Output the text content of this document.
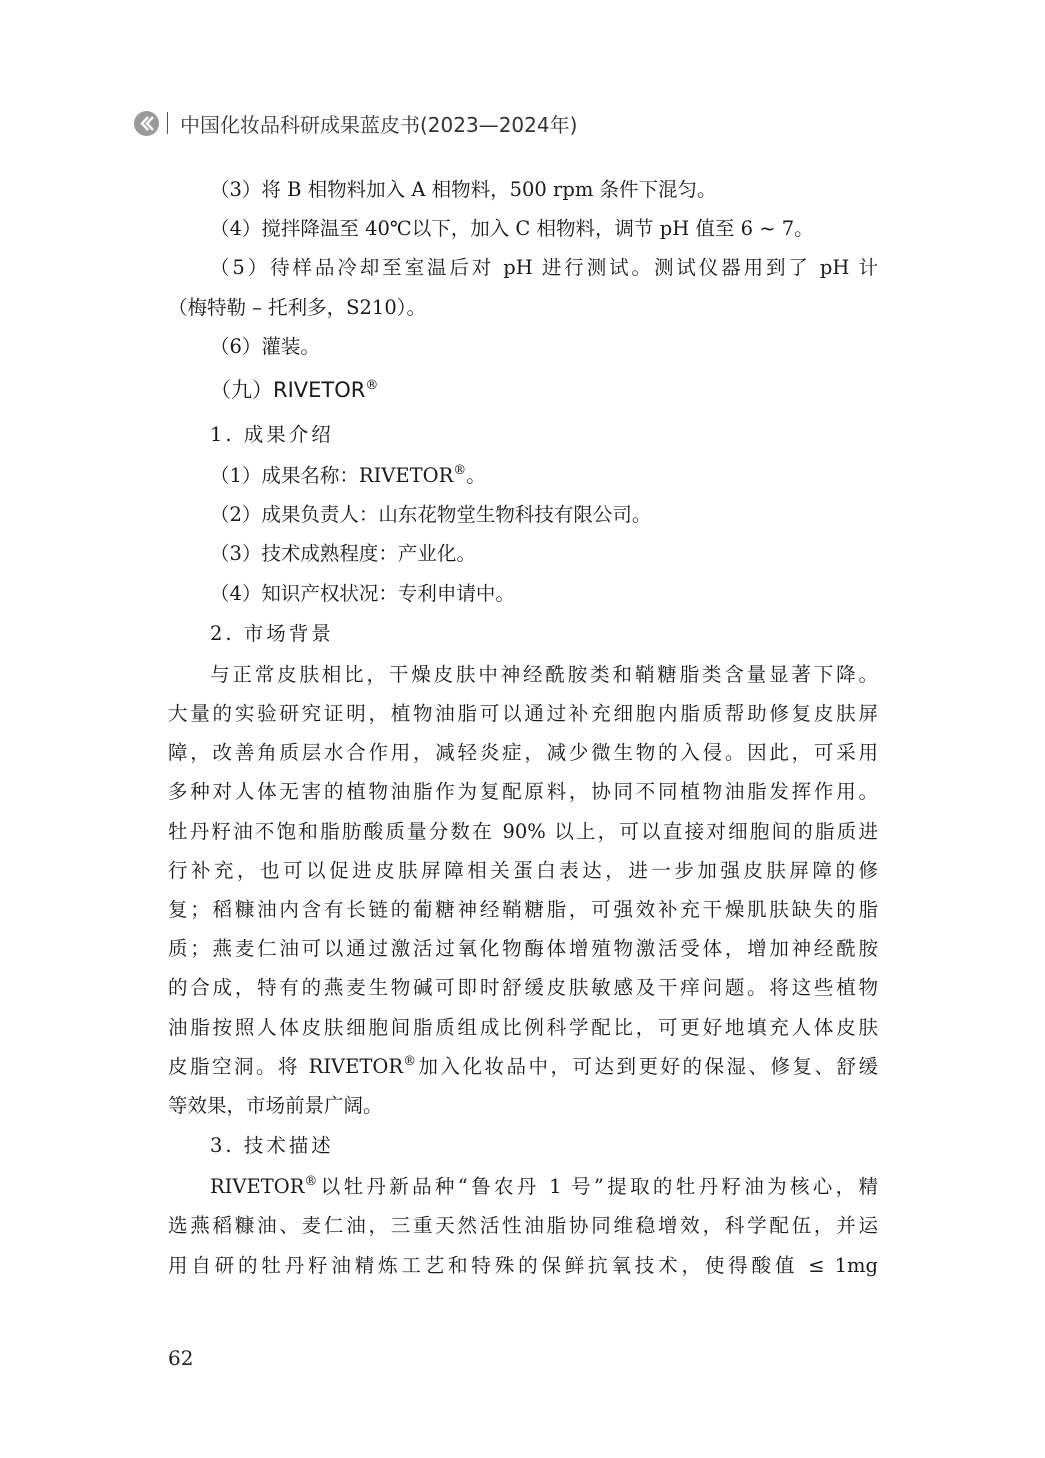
中国化妆品科研成果蓝皮书(2023—2024年)
（3）将 B 相物料加入 A 相物料，500 rpm 条件下混匀。
（4）搅拌降温至 40℃以下，加入 C 相物料，调节 pH 值至 6 ~ 7。
（5）待样品冷却至室温后对 pH 进行测试。测试仪器用到了 pH 计
（梅特勒 – 托利多，S210）。
（6）灌装。
（九）RIVETOR®
1. 成果介绍
（1）成果名称：RIVETOR®。
（2）成果负责人：山东花物堂生物科技有限公司。
（3）技术成熟程度：产业化。
（4）知识产权状况：专利申请中。
2. 市场背景
与正常皮肤相比，干燥皮肤中神经酰胺类和鞘糖脂类含量显著下降。
大量的实验研究证明，植物油脂可以通过补充细胞内脂质帮助修复皮肤屏
障，改善角质层水合作用，减轻炎症，减少微生物的入侵。因此，可采用
多种对人体无害的植物油脂作为复配原料，协同不同植物油脂发挥作用。
牡丹籽油不饱和脂肪酸质量分数在 90% 以上，可以直接对细胞间的脂质进
行补充，也可以促进皮肤屏障相关蛋白表达，进一步加强皮肤屏障的修
复；稻糠油内含有长链的葡糖神经鞘糖脂，可强效补充干燥肌肤缺失的脂
质；燕麦仁油可以通过激活过氧化物酶体增殖物激活受体，增加神经酰胺
的合成，特有的燕麦生物碱可即时舒缓皮肤敏感及干痒问题。将这些植物
油脂按照人体皮肤细胞间脂质组成比例科学配比，可更好地填充人体皮肤
皮脂空洞。将 RIVETOR®加入化妆品中，可达到更好的保湿、修复、舒缓
等效果，市场前景广阔。
3. 技术描述
RIVETOR®以牡丹新品种“鲁农丹 1 号”提取的牡丹籽油为核心，精
选燕稻糠油、麦仁油，三重天然活性油脂协同维稳增效，科学配伍，并运
用自研的牡丹籽油精炼工艺和特殊的保鲜抗氧技术，使得酸值 ≤ 1mg
62
